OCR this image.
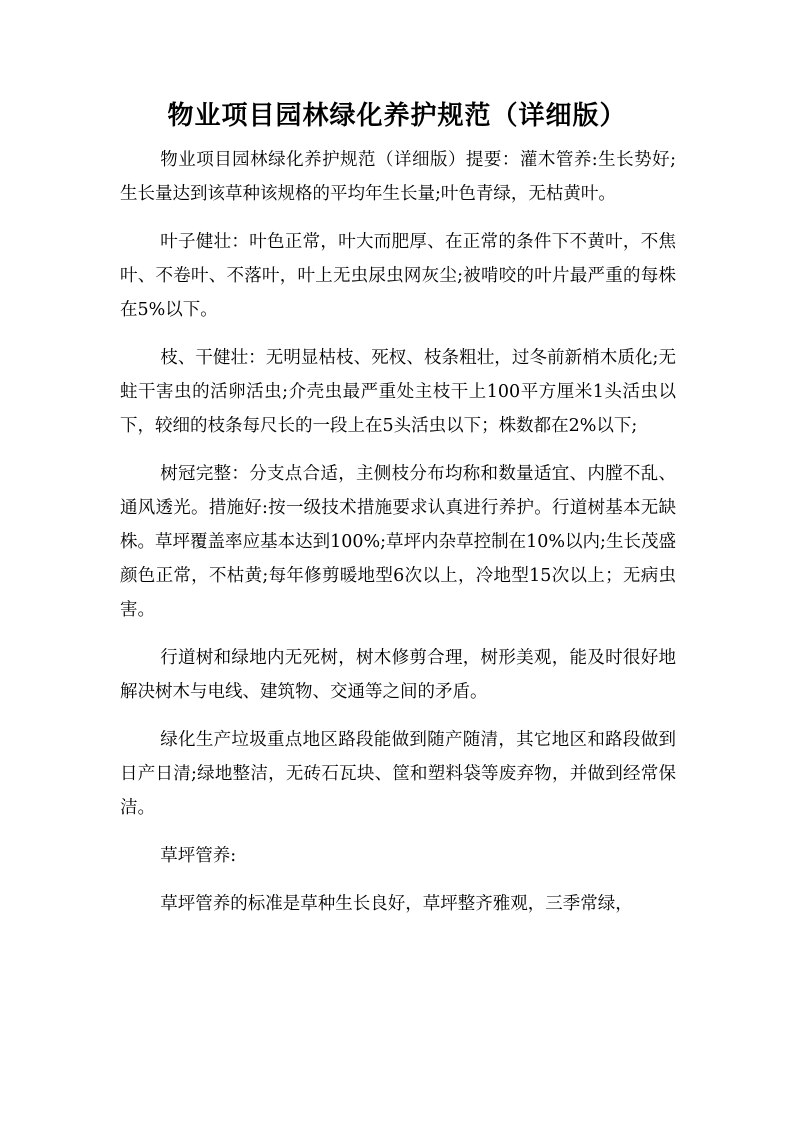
物业项目园林绿化养护规范（详细版）

物业项目园林绿化养护规范（详细版）提要：灌木管养:生长势好;生长量达到该草种该规格的平均年生长量;叶色青绿，无枯黄叶。

叶子健壮：叶色正常，叶大而肥厚、在正常的条件下不黄叶，不焦叶、不卷叶、不落叶，叶上无虫尿虫网灰尘;被啃咬的叶片最严重的每株在5%以下。

枝、干健壮：无明显枯枝、死杈、枝条粗壮，过冬前新梢木质化;无蛀干害虫的活卵活虫;介壳虫最严重处主枝干上100平方厘米1头活虫以下，较细的枝条每尺长的一段上在5头活虫以下；株数都在2%以下;

树冠完整：分支点合适，主侧枝分布均称和数量适宜、内膛不乱、通风透光。措施好:按一级技术措施要求认真进行养护。行道树基本无缺株。草坪覆盖率应基本达到100%;草坪内杂草控制在10%以内;生长茂盛颜色正常，不枯黄;每年修剪暖地型6次以上，冷地型15次以上；无病虫害。

行道树和绿地内无死树，树木修剪合理，树形美观，能及时很好地解决树木与电线、建筑物、交通等之间的矛盾。

绿化生产垃圾重点地区路段能做到随产随清，其它地区和路段做到日产日清;绿地整洁，无砖石瓦块、筐和塑料袋等废弃物，并做到经常保洁。

草坪管养:

草坪管养的标准是草种生长良好，草坪整齐雅观，三季常绿，
